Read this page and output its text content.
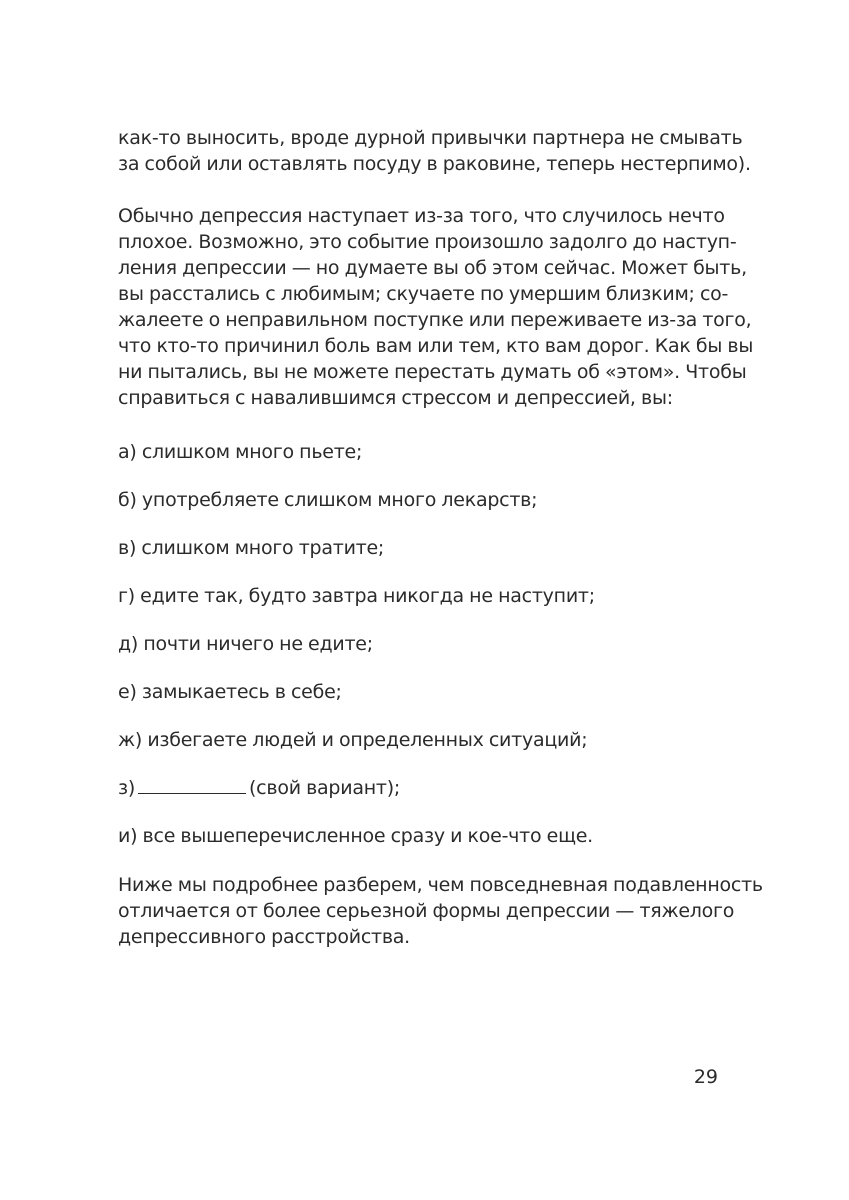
как-то выносить, вроде дурной привычки партнера не смывать
за собой или оставлять посуду в раковине, теперь нестерпимо).
Обычно депрессия наступает из-за того, что случилось нечто
плохое. Возможно, это событие произошло задолго до наступ-
ления депрессии — но думаете вы об этом сейчас. Может быть,
вы расстались с любимым; скучаете по умершим близким; со-
жалеете о неправильном поступке или переживаете из-за того,
что кто-то причинил боль вам или тем, кто вам дорог. Как бы вы
ни пытались, вы не можете перестать думать об «этом». Чтобы
справиться с навалившимся стрессом и депрессией, вы:
а) слишком много пьете;
б) употребляете слишком много лекарств;
в) слишком много тратите;
г) едите так, будто завтра никогда не наступит;
д) почти ничего не едите;
е) замыкаетесь в себе;
ж) избегаете людей и определенных ситуаций;
з)	(свой вариант);
и) все вышеперечисленное сразу и кое-что еще.
Ниже мы подробнее разберем, чем повседневная подавленность
отличается от более серьезной формы депрессии — тяжелого
депрессивного расстройства.
29
